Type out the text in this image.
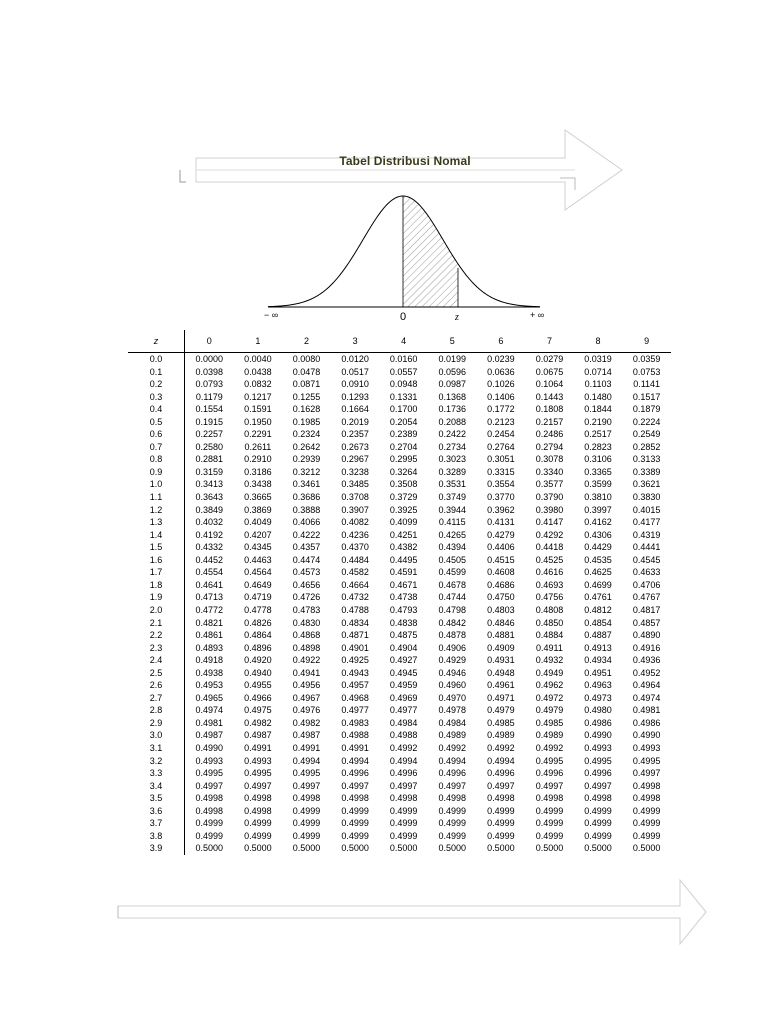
Tabel Distribusi Nomal
− ∞	0	z	+ ∞
z	0	1	2	3	4	5	6	7	8	9
0.0	0.0000	0.0040	0.0080	0.0120	0.0160	0.0199	0.0239	0.0279	0.0319	0.0359
0.1	0.0398	0.0438	0.0478	0.0517	0.0557	0.0596	0.0636	0.0675	0.0714	0.0753
0.2	0.0793	0.0832	0.0871	0.0910	0.0948	0.0987	0.1026	0.1064	0.1103	0.1141
0.3	0.1179	0.1217	0.1255	0.1293	0.1331	0.1368	0.1406	0.1443	0.1480	0.1517
0.4	0.1554	0.1591	0.1628	0.1664	0.1700	0.1736	0.1772	0.1808	0.1844	0.1879
0.5	0.1915	0.1950	0.1985	0.2019	0.2054	0.2088	0.2123	0.2157	0.2190	0.2224
0.6	0.2257	0.2291	0.2324	0.2357	0.2389	0.2422	0.2454	0.2486	0.2517	0.2549
0.7	0.2580	0.2611	0.2642	0.2673	0.2704	0.2734	0.2764	0.2794	0.2823	0.2852
0.8	0.2881	0.2910	0.2939	0.2967	0.2995	0.3023	0.3051	0.3078	0.3106	0.3133
0.9	0.3159	0.3186	0.3212	0.3238	0.3264	0.3289	0.3315	0.3340	0.3365	0.3389
1.0	0.3413	0.3438	0.3461	0.3485	0.3508	0.3531	0.3554	0.3577	0.3599	0.3621
1.1	0.3643	0.3665	0.3686	0.3708	0.3729	0.3749	0.3770	0.3790	0.3810	0.3830
1.2	0.3849	0.3869	0.3888	0.3907	0.3925	0.3944	0.3962	0.3980	0.3997	0.4015
1.3	0.4032	0.4049	0.4066	0.4082	0.4099	0.4115	0.4131	0.4147	0.4162	0.4177
1.4	0.4192	0.4207	0.4222	0.4236	0.4251	0.4265	0.4279	0.4292	0.4306	0.4319
1.5	0.4332	0.4345	0.4357	0.4370	0.4382	0.4394	0.4406	0.4418	0.4429	0.4441
1.6	0.4452	0.4463	0.4474	0.4484	0.4495	0.4505	0.4515	0.4525	0.4535	0.4545
1.7	0.4554	0.4564	0.4573	0.4582	0.4591	0.4599	0.4608	0.4616	0.4625	0.4633
1.8	0.4641	0.4649	0.4656	0.4664	0.4671	0.4678	0.4686	0.4693	0.4699	0.4706
1.9	0.4713	0.4719	0.4726	0.4732	0.4738	0.4744	0.4750	0.4756	0.4761	0.4767
2.0	0.4772	0.4778	0.4783	0.4788	0.4793	0.4798	0.4803	0.4808	0.4812	0.4817
2.1	0.4821	0.4826	0.4830	0.4834	0.4838	0.4842	0.4846	0.4850	0.4854	0.4857
2.2	0.4861	0.4864	0.4868	0.4871	0.4875	0.4878	0.4881	0.4884	0.4887	0.4890
2.3	0.4893	0.4896	0.4898	0.4901	0.4904	0.4906	0.4909	0.4911	0.4913	0.4916
2.4	0.4918	0.4920	0.4922	0.4925	0.4927	0.4929	0.4931	0.4932	0.4934	0.4936
2.5	0.4938	0.4940	0.4941	0.4943	0.4945	0.4946	0.4948	0.4949	0.4951	0.4952
2.6	0.4953	0.4955	0.4956	0.4957	0.4959	0.4960	0.4961	0.4962	0.4963	0.4964
2.7	0.4965	0.4966	0.4967	0.4968	0.4969	0.4970	0.4971	0.4972	0.4973	0.4974
2.8	0.4974	0.4975	0.4976	0.4977	0.4977	0.4978	0.4979	0.4979	0.4980	0.4981
2.9	0.4981	0.4982	0.4982	0.4983	0.4984	0.4984	0.4985	0.4985	0.4986	0.4986
3.0	0.4987	0.4987	0.4987	0.4988	0.4988	0.4989	0.4989	0.4989	0.4990	0.4990
3.1	0.4990	0.4991	0.4991	0.4991	0.4992	0.4992	0.4992	0.4992	0.4993	0.4993
3.2	0.4993	0.4993	0.4994	0.4994	0.4994	0.4994	0.4994	0.4995	0.4995	0.4995
3.3	0.4995	0.4995	0.4995	0.4996	0.4996	0.4996	0.4996	0.4996	0.4996	0.4997
3.4	0.4997	0.4997	0.4997	0.4997	0.4997	0.4997	0.4997	0.4997	0.4997	0.4998
3.5	0.4998	0.4998	0.4998	0.4998	0.4998	0.4998	0.4998	0.4998	0.4998	0.4998
3.6	0.4998	0.4998	0.4999	0.4999	0.4999	0.4999	0.4999	0.4999	0.4999	0.4999
3.7	0.4999	0.4999	0.4999	0.4999	0.4999	0.4999	0.4999	0.4999	0.4999	0.4999
3.8	0.4999	0.4999	0.4999	0.4999	0.4999	0.4999	0.4999	0.4999	0.4999	0.4999
3.9	0.5000	0.5000	0.5000	0.5000	0.5000	0.5000	0.5000	0.5000	0.5000	0.5000
